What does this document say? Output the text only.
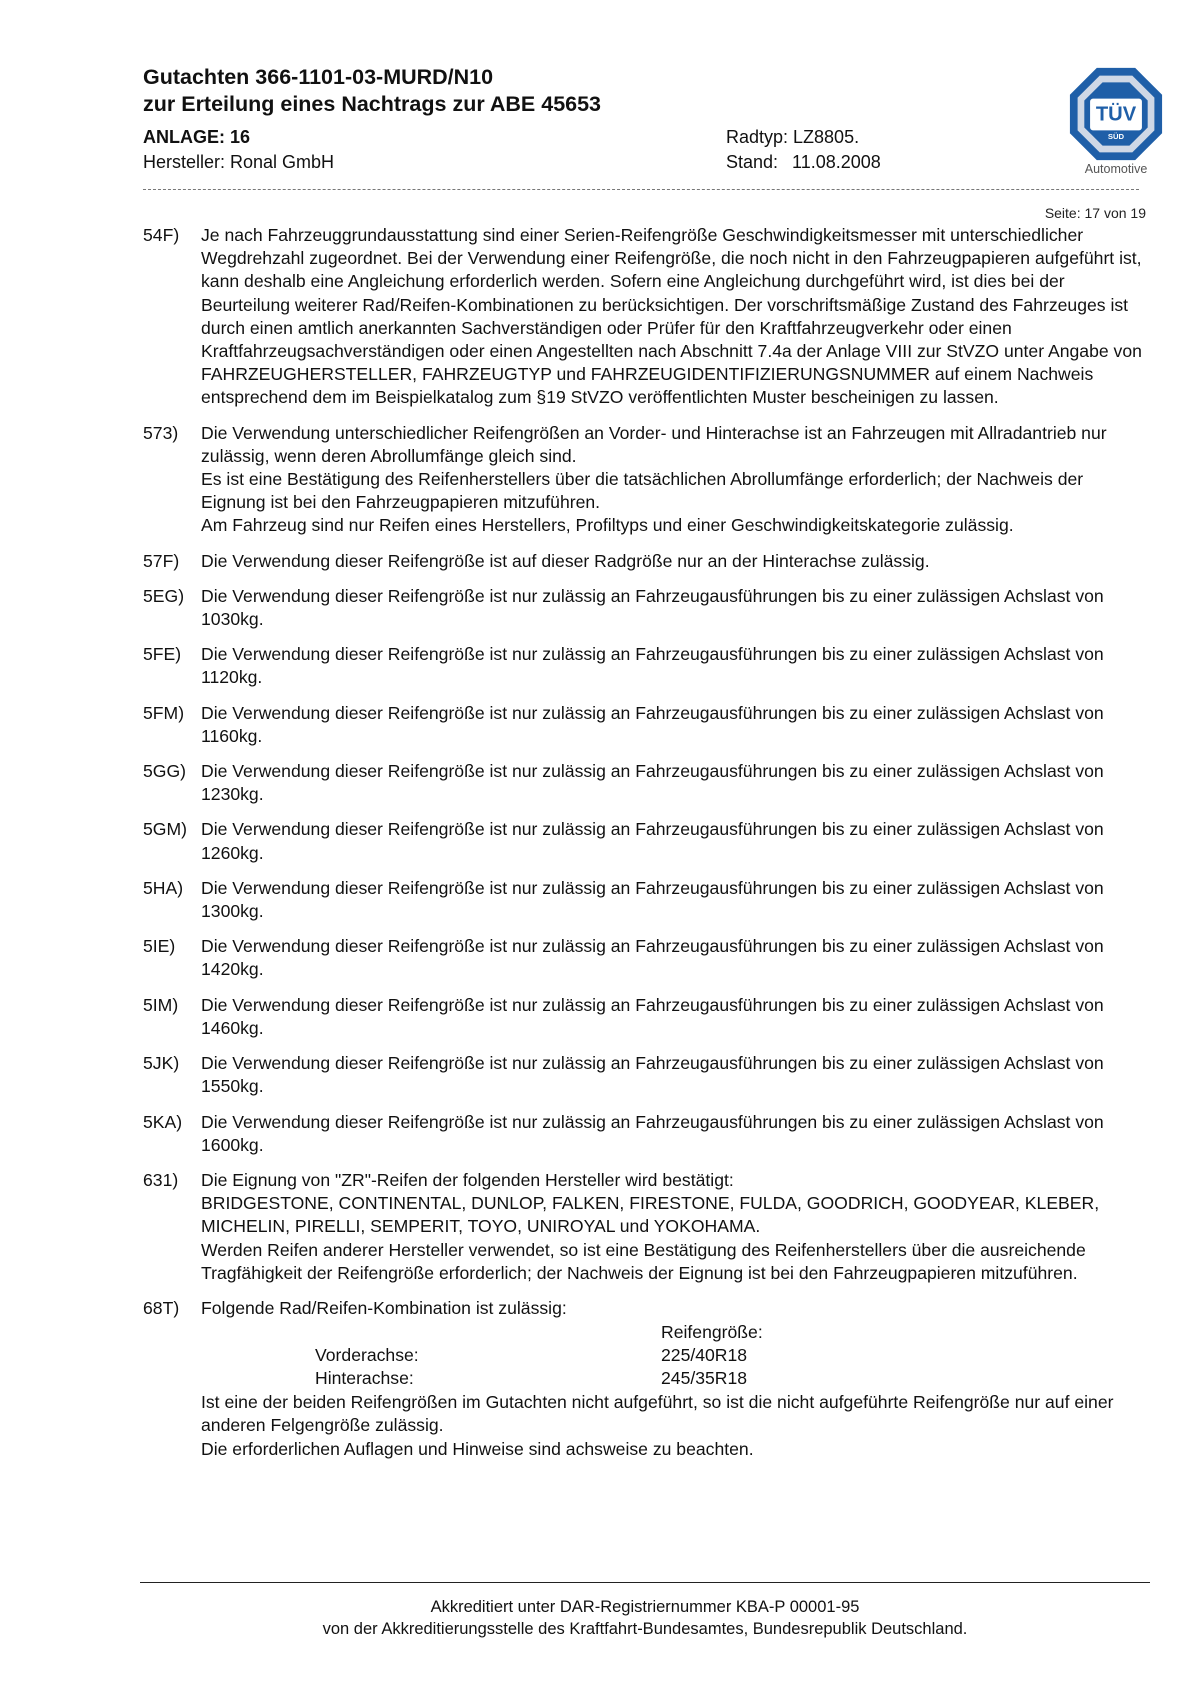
Gutachten 366-1101-03-MURD/N10
zur Erteilung eines Nachtrags zur ABE 45653
ANLAGE: 16
Hersteller: Ronal GmbH
Radtyp: LZ8805.
Stand: 11.08.2008
TÜV
SÜD
Automotive
Seite: 17 von 19
54F)	Je nach Fahrzeuggrundausstattung sind einer Serien-Reifengröße Geschwindigkeitsmesser mit unterschiedlicher Wegdrehzahl zugeordnet. Bei der Verwendung einer Reifengröße, die noch nicht in den Fahrzeugpapieren aufgeführt ist, kann deshalb eine Angleichung erforderlich werden. Sofern eine Angleichung durchgeführt wird, ist dies bei der Beurteilung weiterer Rad/Reifen-Kombinationen zu berücksichtigen. Der vorschriftsmäßige Zustand des Fahrzeuges ist durch einen amtlich anerkannten Sachverständigen oder Prüfer für den Kraftfahrzeugverkehr oder einen Kraftfahrzeugsachverständigen oder einen Angestellten nach Abschnitt 7.4a der Anlage VIII zur StVZO unter Angabe von FAHRZEUGHERSTELLER, FAHRZEUGTYP und FAHRZEUGIDENTIFIZIERUNGSNUMMER auf einem Nachweis entsprechend dem im Beispielkatalog zum §19 StVZO veröffentlichten Muster bescheinigen zu lassen.

573)	Die Verwendung unterschiedlicher Reifengrößen an Vorder- und Hinterachse ist an Fahrzeugen mit Allradantrieb nur zulässig, wenn deren Abrollumfänge gleich sind.

Es ist eine Bestätigung des Reifenherstellers über die tatsächlichen Abrollumfänge erforderlich; der Nachweis der Eignung ist bei den Fahrzeugpapieren mitzuführen.

Am Fahrzeug sind nur Reifen eines Herstellers, Profiltyps und einer Geschwindigkeitskategorie zulässig.

57F)	Die Verwendung dieser Reifengröße ist auf dieser Radgröße nur an der Hinterachse zulässig.

5EG) Die Verwendung dieser Reifengröße ist nur zulässig an Fahrzeugausführungen bis zu einer zulässigen Achslast von 1030kg.

5FE)	Die Verwendung dieser Reifengröße ist nur zulässig an Fahrzeugausführungen bis zu einer zulässigen Achslast von 1120kg.

5FM) Die Verwendung dieser Reifengröße ist nur zulässig an Fahrzeugausführungen bis zu einer zulässigen Achslast von 1160kg.

5GG) Die Verwendung dieser Reifengröße ist nur zulässig an Fahrzeugausführungen bis zu einer zulässigen Achslast von 1230kg.

5GM) Die Verwendung dieser Reifengröße ist nur zulässig an Fahrzeugausführungen bis zu einer zulässigen Achslast von 1260kg.

5HA)	Die Verwendung dieser Reifengröße ist nur zulässig an Fahrzeugausführungen bis zu einer zulässigen Achslast von 1300kg.

5IE)	Die Verwendung dieser Reifengröße ist nur zulässig an Fahrzeugausführungen bis zu einer zulässigen Achslast von 1420kg.

5IM)	Die Verwendung dieser Reifengröße ist nur zulässig an Fahrzeugausführungen bis zu einer zulässigen Achslast von 1460kg.

5JK)	Die Verwendung dieser Reifengröße ist nur zulässig an Fahrzeugausführungen bis zu einer zulässigen Achslast von 1550kg.

5KA)	Die Verwendung dieser Reifengröße ist nur zulässig an Fahrzeugausführungen bis zu einer zulässigen Achslast von 1600kg.

631)	Die Eignung von "ZR"-Reifen der folgenden Hersteller wird bestätigt:

BRIDGESTONE, CONTINENTAL, DUNLOP, FALKEN, FIRESTONE, FULDA, GOODRICH, GOODYEAR, KLEBER, MICHELIN, PIRELLI, SEMPERIT, TOYO, UNIROYAL und YOKOHAMA.

Werden Reifen anderer Hersteller verwendet, so ist eine Bestätigung des Reifenherstellers über die ausreichende Tragfähigkeit der Reifengröße erforderlich; der Nachweis der Eignung ist bei den Fahrzeugpapieren mitzuführen.

68T)	Folgende Rad/Reifen-Kombination ist zulässig:

Reifengröße:
Vorderachse:	225/40R18
Hinterachse:	245/35R18

Ist eine der beiden Reifengrößen im Gutachten nicht aufgeführt, so ist die nicht aufgeführte Reifengröße nur auf einer anderen Felgengröße zulässig.

Die erforderlichen Auflagen und Hinweise sind achsweise zu beachten.

Akkreditiert unter DAR-Registriernummer KBA-P 00001-95
von der Akkreditierungsstelle des Kraftfahrt-Bundesamtes, Bundesrepublik Deutschland.
